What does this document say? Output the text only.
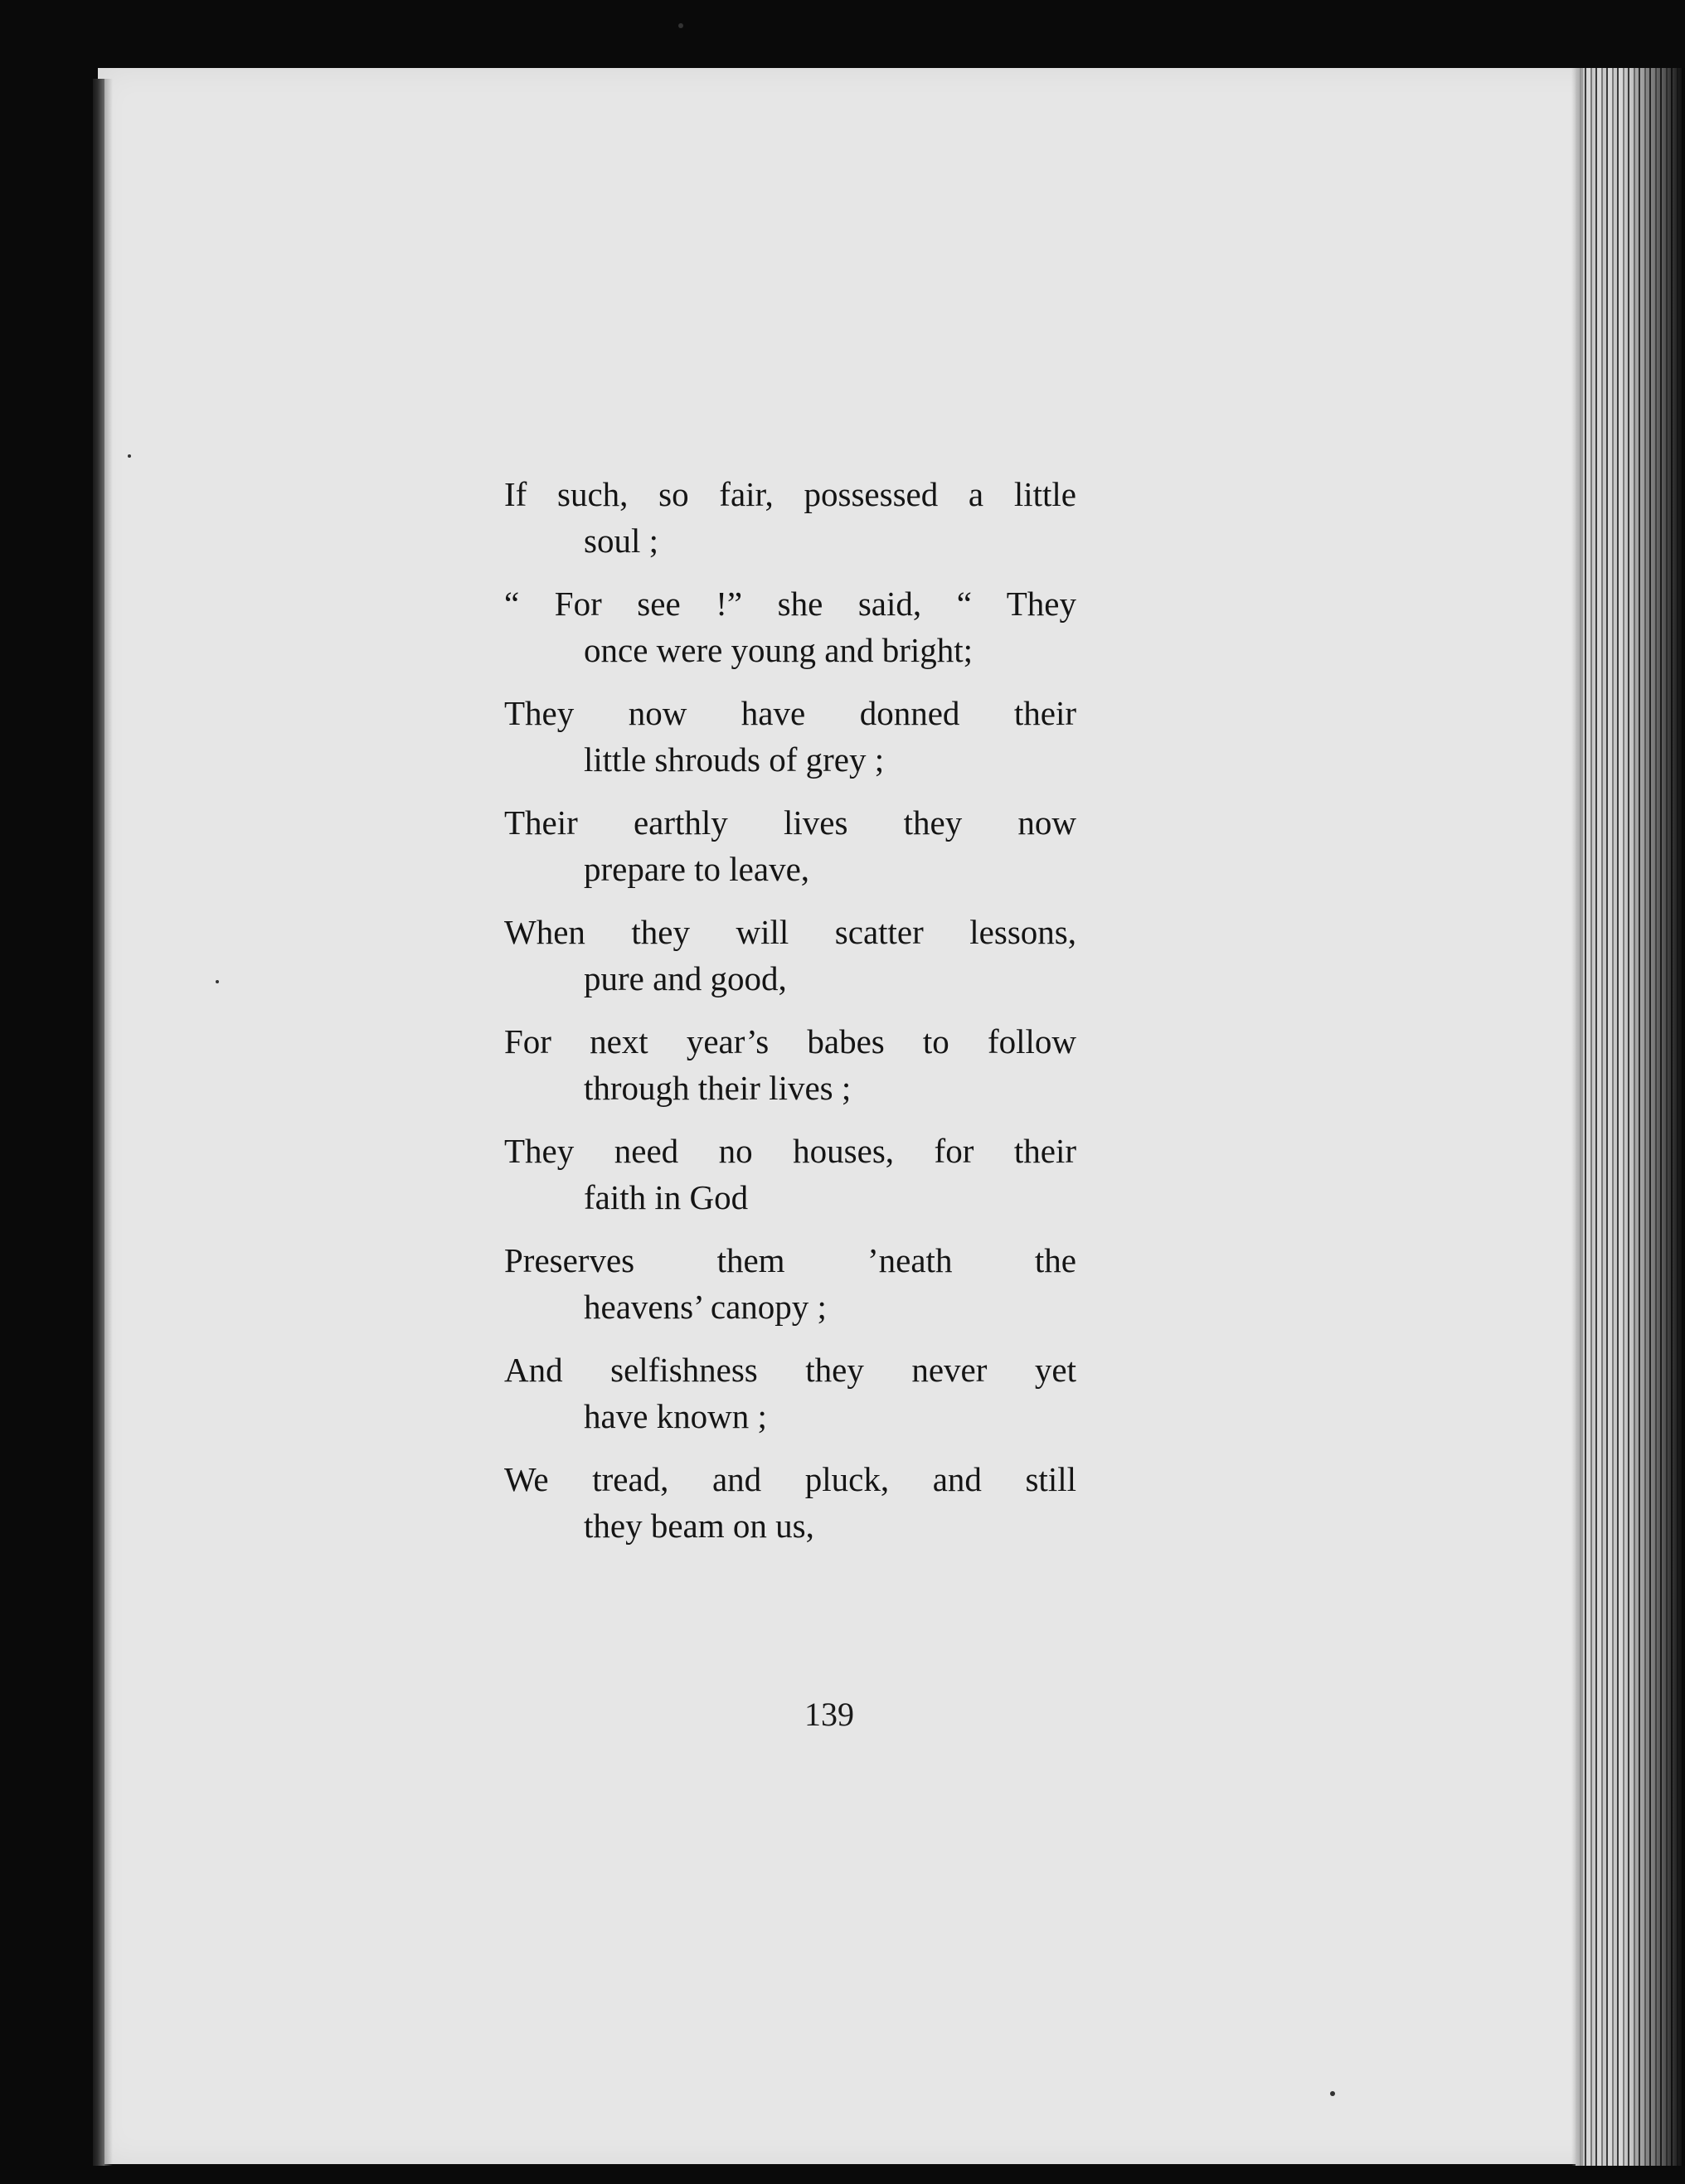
If such, so fair, possessed a little
soul ;
“ For see !” she said, “ They
once were young and bright;
They now have donned their
little shrouds of grey ;
Their earthly lives they now
prepare to leave,
When they will scatter lessons,
pure and good,
For next year’s babes to follow
through their lives ;
They need no houses, for their
faith in God
Preserves them ’neath the
heavens’ canopy ;
And selfishness they never yet
have known ;
We tread, and pluck, and still
they beam on us,
139
